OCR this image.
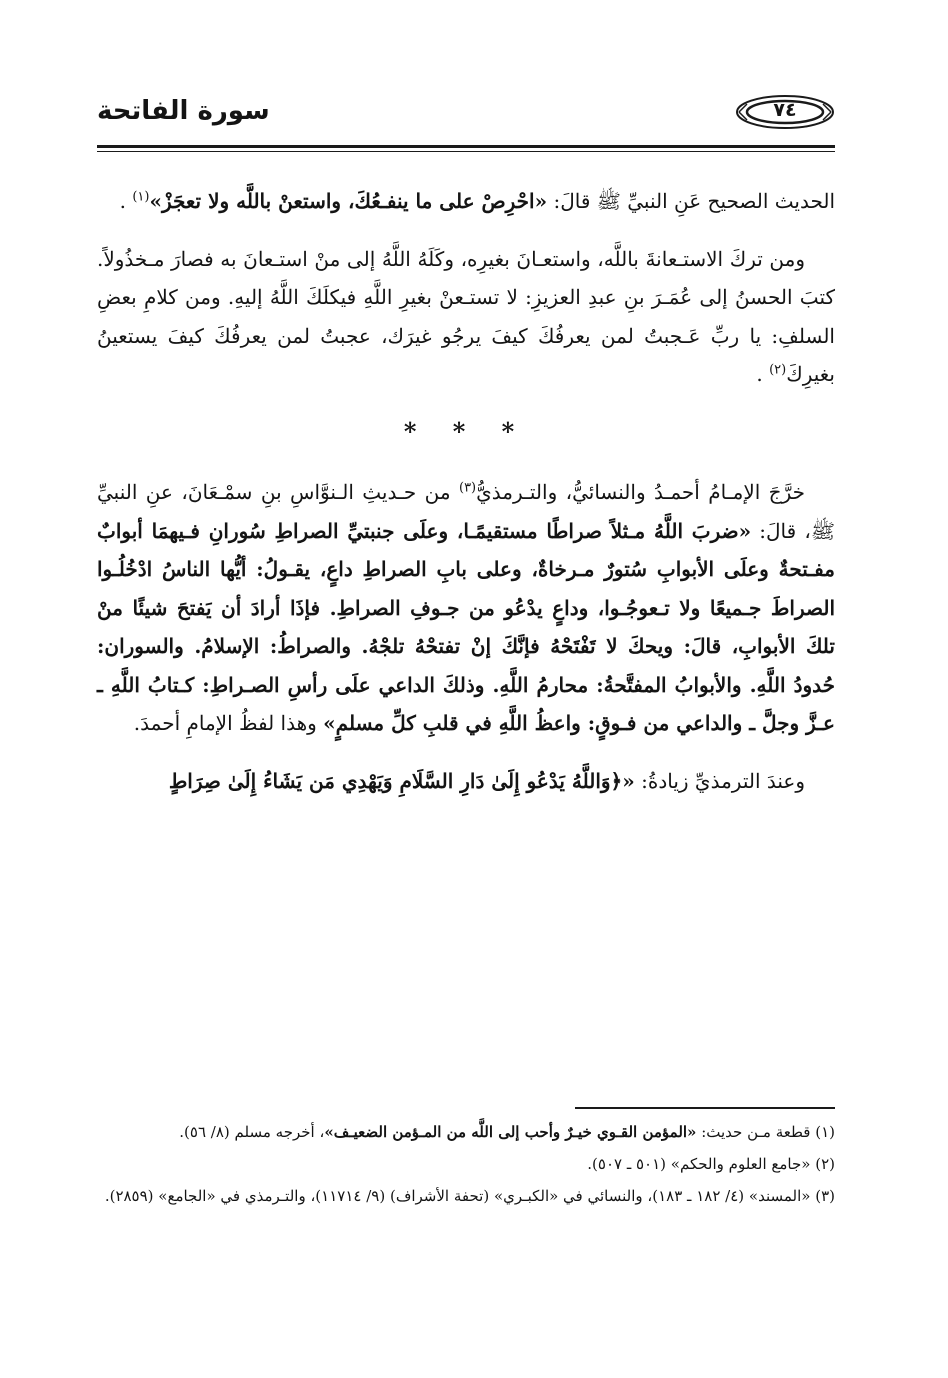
سورة الفاتحة	٧٤

الحديث الصحيح عَنِ النبيِّ ﷺ قالَ: «احْرِصْ على ما ينفـعُكَ، واستعنْ باللَّه ولا تعجَزْ»$^{(١)}$ .

ومن تركَ الاستـعانةَ باللَّه، واستعـانَ بغيرِه، وكَلَهُ اللَّهُ إلى منْ استـعانَ به فصارَ مـخذُولاً. كتبَ الحسنُ إلى عُمَـرَ بنِ عبدِ العزيزِ: لا تستـعنْ بغيرِ اللَّهِ فيكلَكَ اللَّهُ إليهِ. ومن كلامِ بعضِ السلفِ: يا ربِّ عَـجبتُ لمن يعرفُكَ كيفَ يرجُو غيرَك، عجبتُ لمن يعرفُكَ كيفَ يستعينُ بغيرِكَ$^{(٢)}$ .

* * *

خرَّجَ الإمـامُ أحمـدُ والنسائيُّ، والتـرمذيُّ$^{(٣)}$ من حـديثِ الـنوَّاسِ بنِ سمْـعَانَ، عنِ النبيِّ ﷺ، قالَ: «ضربَ اللَّهُ مـثلاً صراطًا مستقيمًـا، وعلَى جنبتيِّ الصراطِ سُورانِ فـيهمَا أبوابٌ مفـتحةٌ وعلَى الأبوابِ سُتورٌ مـرخاةٌ، وعلى بابِ الصراطِ داعٍ، يقـولُ: أيُّها الناسُ ادْخُلُـوا الصراطَ جـميعًا ولا تـعوجُـوا، وداعٍ يدْعُو من جـوفِ الصراطِ. فإذَا أرادَ أن يَفتحَ شيئًا منْ تلكَ الأبوابِ، قالَ: ويحكَ لا تَفْتَحْهُ فإنَّكَ إنْ تفتحْهُ تلجْهُ. والصراطُ: الإسلامُ. والسوران: حُدودُ اللَّهِ. والأبوابُ المفتَّحةُ: محارمُ اللَّهِ. وذلكَ الداعي علَى رأسِ الصـراطِ: كـتابُ اللَّهِ ـ عـزَّ وجلَّ ـ والداعي من فـوقٍ: واعظُ اللَّهِ في قلبِ كلِّ مسلمٍ» وهذا لفظُ الإمامِ أحمدَ.

وعندَ الترمذيِّ زيادةُ: «﴿وَاللَّهُ يَدْعُو إِلَىٰ دَارِ السَّلَامِ وَيَهْدِي مَن يَشَاءُ إِلَىٰ صِرَاطٍ

(١) قطعة مـن حديث: «المؤمن القـوي خيـرٌ وأحب إلى اللَّه من المـؤمن الضعيـف»، أخرجه مسلم (٨/ ٥٦).

(٢) «جامع العلوم والحكم» (٥٠١ ـ ٥٠٧).

(٣) «المسند» (٤/ ١٨٢ ـ ١٨٣)، والنسائي في «الكبـري» (تحفة الأشراف) (٩/ ١١٧١٤)، والتـرمذي في «الجامع» (٢٨٥٩).
